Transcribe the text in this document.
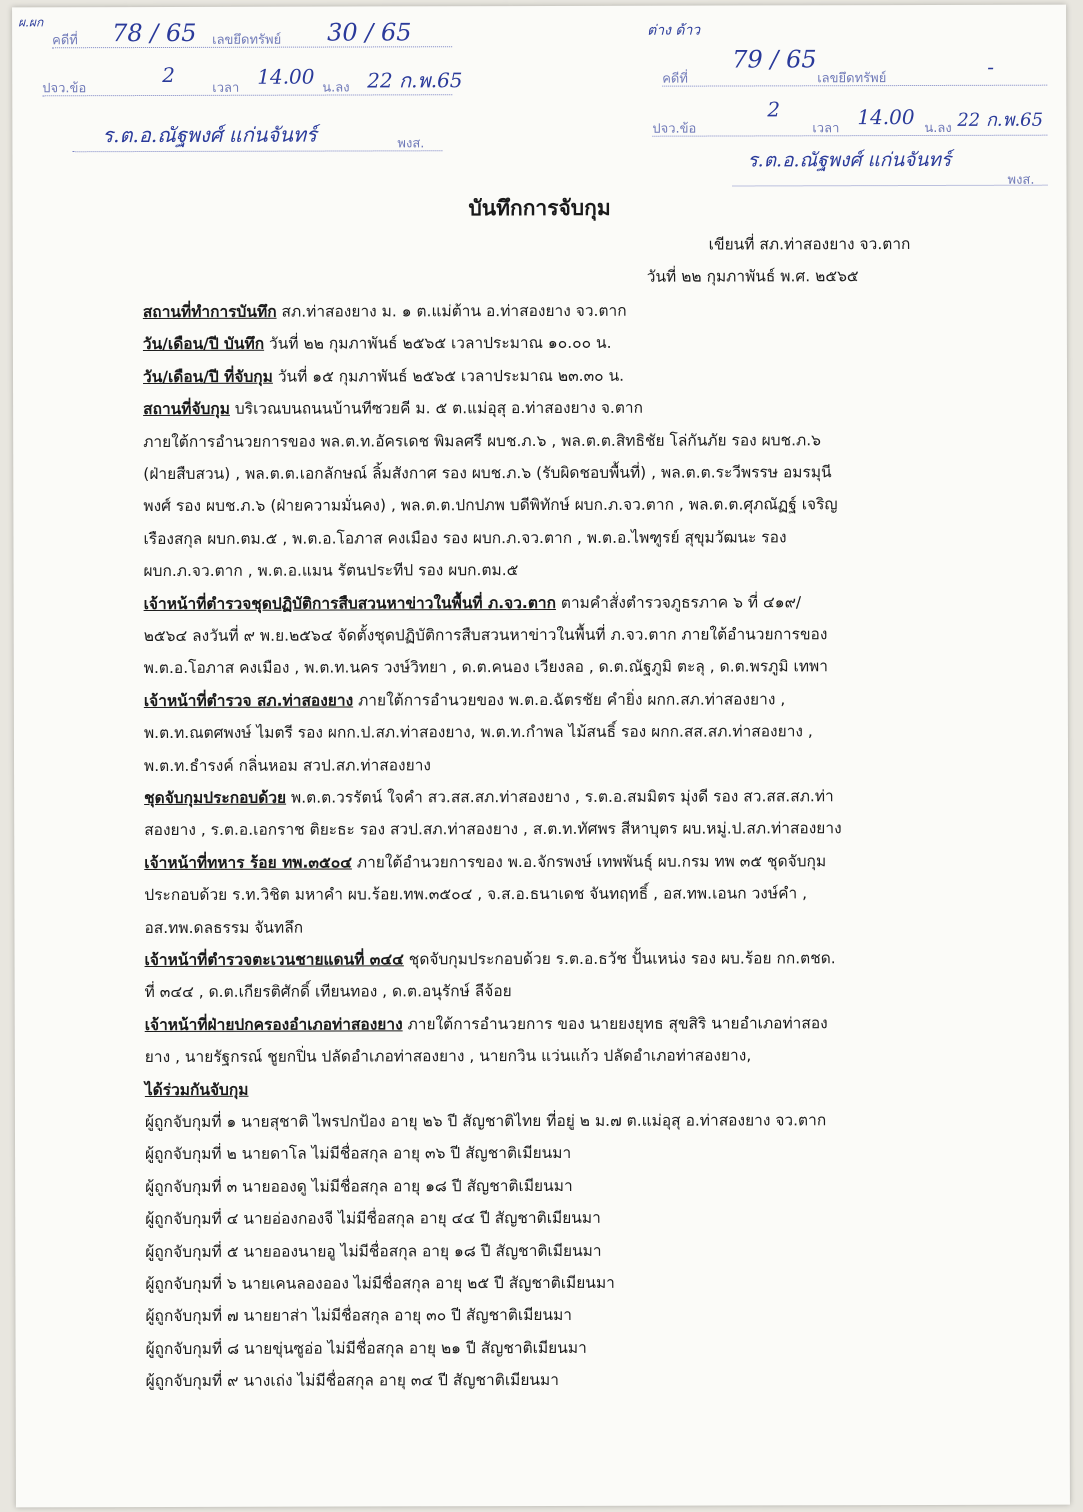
ผ.ผก
คดีที่ 78 / 65 เลขยึดทรัพย์ 30 / 65
ปจว.ข้อ
2
เวลา 14.00 น.ลง 22 ก.พ.65
ร.ต.อ.ณัฐพงศ์ แก่นจันทร์	พงส.
ต่าง ด้าว
คดีที่
79 / 65
เลขยึดทรัพย์	-
ปจว.ข้อ
2
เวลา 14.00 น.ลง 22 ก.พ.65
ร.ต.อ.ณัฐพงศ์ แก่นจันทร์
พงส.
บันทึกการจับกุม
เขียนที่ สภ.ท่าสองยาง จว.ตาก
วันที่ ๒๒ กุมภาพันธ์ พ.ศ. ๒๕๖๕
สถานที่ทำการบันทึก สภ.ท่าสองยาง ม. ๑ ต.แม่ต้าน อ.ท่าสองยาง จว.ตาก
วัน/เดือน/ปี บันทึก วันที่ ๒๒ กุมภาพันธ์ ๒๕๖๕ เวลาประมาณ ๑๐.๐๐ น.
วัน/เดือน/ปี ที่จับกุม วันที่ ๑๕ กุมภาพันธ์ ๒๕๖๕ เวลาประมาณ ๒๓.๓๐ น.
สถานที่จับกุม บริเวณบนถนนบ้านทีซวยคี ม. ๕ ต.แม่อุสุ อ.ท่าสองยาง จ.ตาก
ภายใต้การอำนวยการของ พล.ต.ท.อัครเดช พิมลศรี ผบช.ภ.๖ , พล.ต.ต.สิทธิชัย โล่กันภัย รอง ผบช.ภ.๖
(ฝ่ายสืบสวน) , พล.ต.ต.เอกลักษณ์ ลิ้มสังกาศ รอง ผบช.ภ.๖ (รับผิดชอบพื้นที่) , พล.ต.ต.ระวีพรรษ อมรมุนี
พงศ์ รอง ผบช.ภ.๖ (ฝ่ายความมั่นคง) , พล.ต.ต.ปกปภพ บดีพิทักษ์ ผบก.ภ.จว.ตาก , พล.ต.ต.ศุภณัฏฐ์ เจริญ
เรืองสกุล ผบก.ตม.๕ , พ.ต.อ.โอภาส คงเมือง รอง ผบก.ภ.จว.ตาก , พ.ต.อ.ไพฑูรย์ สุขุมวัฒนะ รอง
ผบก.ภ.จว.ตาก , พ.ต.อ.แมน รัตนประทีป รอง ผบก.ตม.๕
เจ้าหน้าที่ตำรวจชุดปฏิบัติการสืบสวนหาข่าวในพื้นที่ ภ.จว.ตาก ตามคำสั่งตำรวจภูธรภาค ๖ ที่ ๔๑๙/
๒๕๖๔ ลงวันที่ ๙ พ.ย.๒๕๖๔ จัดตั้งชุดปฏิบัติการสืบสวนหาข่าวในพื้นที่ ภ.จว.ตาก ภายใต้อำนวยการของ
พ.ต.อ.โอภาส คงเมือง , พ.ต.ท.นคร วงษ์วิทยา , ด.ต.คนอง เวียงลอ , ด.ต.ณัฐภูมิ ตะลุ , ด.ต.พรภูมิ เทพา
เจ้าหน้าที่ตำรวจ สภ.ท่าสองยาง ภายใต้การอำนวยของ พ.ต.อ.ฉัตรชัย คำยิ่ง ผกก.สภ.ท่าสองยาง ,
พ.ต.ท.ณตศพงษ์ ไมตรี รอง ผกก.ป.สภ.ท่าสองยาง, พ.ต.ท.กำพล ไม้สนธิ์ รอง ผกก.สส.สภ.ท่าสองยาง ,
พ.ต.ท.ธำรงค์ กลิ่นหอม สวป.สภ.ท่าสองยาง
ชุดจับกุมประกอบด้วย พ.ต.ต.วรรัตน์ ใจคำ สว.สส.สภ.ท่าสองยาง , ร.ต.อ.สมมิตร มุ่งดี รอง สว.สส.สภ.ท่า
สองยาง , ร.ต.อ.เอกราช ติยะธะ รอง สวป.สภ.ท่าสองยาง , ส.ต.ท.ทัศพร สีหาบุตร ผบ.หมู่.ป.สภ.ท่าสองยาง
เจ้าหน้าที่ทหาร ร้อย ทพ.๓๕๐๔ ภายใต้อำนวยการของ พ.อ.จักรพงษ์ เทพพันธุ์ ผบ.กรม ทพ ๓๕ ชุดจับกุม
ประกอบด้วย ร.ท.วิชิต มหาคำ ผบ.ร้อย.ทพ.๓๕๐๔ , จ.ส.อ.ธนาเดช จันทฤทธิ์ , อส.ทพ.เอนก วงษ์คำ ,
อส.ทพ.ดลธรรม จันทลึก
เจ้าหน้าที่ตำรวจตะเวนชายแดนที่ ๓๔๔ ชุดจับกุมประกอบด้วย ร.ต.อ.ธวัช ปั้นเหน่ง รอง ผบ.ร้อย กก.ตชด.
ที่ ๓๔๔ , ด.ต.เกียรติศักดิ์ เทียนทอง , ด.ต.อนุรักษ์ ลีจ้อย
เจ้าหน้าที่ฝ่ายปกครองอำเภอท่าสองยาง ภายใต้การอำนวยการ ของ นายยงยุทธ สุขสิริ นายอำเภอท่าสอง
ยาง , นายรัฐกรณ์ ชูยกปิ่น ปลัดอำเภอท่าสองยาง , นายกวิน แว่นแก้ว ปลัดอำเภอท่าสองยาง,
ได้ร่วมกันจับกุม
ผู้ถูกจับกุมที่ ๑ นายสุชาติ ไพรปกป้อง อายุ ๒๖ ปี สัญชาติไทย ที่อยู่ ๒ ม.๗ ต.แม่อุสุ อ.ท่าสองยาง จว.ตาก
ผู้ถูกจับกุมที่ ๒ นายดาโล ไม่มีชื่อสกุล อายุ ๓๖ ปี สัญชาติเมียนมา
ผู้ถูกจับกุมที่ ๓ นายอองดู ไม่มีชื่อสกุล อายุ ๑๘ ปี สัญชาติเมียนมา
ผู้ถูกจับกุมที่ ๔ นายอ่องกองจี ไม่มีชื่อสกุล อายุ ๔๔ ปี สัญชาติเมียนมา
ผู้ถูกจับกุมที่ ๕ นายอองนายอู ไม่มีชื่อสกุล อายุ ๑๘ ปี สัญชาติเมียนมา
ผู้ถูกจับกุมที่ ๖ นายเคนลองออง ไม่มีชื่อสกุล อายุ ๒๕ ปี สัญชาติเมียนมา
ผู้ถูกจับกุมที่ ๗ นายยาส่า ไม่มีชื่อสกุล อายุ ๓๐ ปี สัญชาติเมียนมา
ผู้ถูกจับกุมที่ ๘ นายขุ่นซูอ่อ ไม่มีชื่อสกุล อายุ ๒๑ ปี สัญชาติเมียนมา
ผู้ถูกจับกุมที่ ๙ นางเถ่ง ไม่มีชื่อสกุล อายุ ๓๔ ปี สัญชาติเมียนมา
